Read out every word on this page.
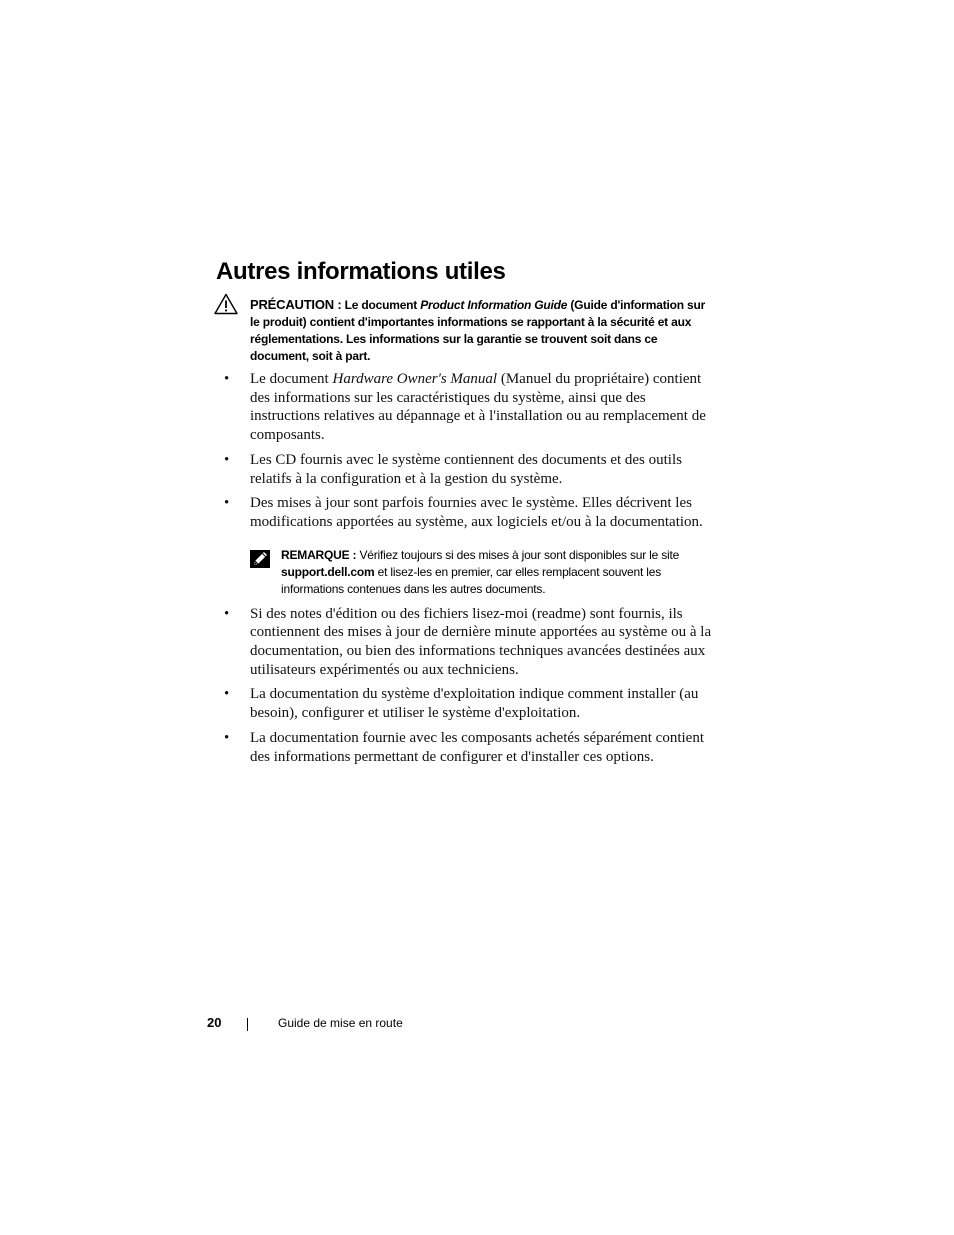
Autres informations utiles
PRÉCAUTION : Le document Product Information Guide (Guide d'information sur le produit) contient d'importantes informations se rapportant à la sécurité et aux réglementations. Les informations sur la garantie se trouvent soit dans ce document, soit à part.
• Le document Hardware Owner's Manual (Manuel du propriétaire) contient des informations sur les caractéristiques du système, ainsi que des instructions relatives au dépannage et à l'installation ou au remplacement de composants.
• Les CD fournis avec le système contiennent des documents et des outils relatifs à la configuration et à la gestion du système.
• Des mises à jour sont parfois fournies avec le système. Elles décrivent les modifications apportées au système, aux logiciels et/ou à la documentation.
REMARQUE : Vérifiez toujours si des mises à jour sont disponibles sur le site support.dell.com et lisez-les en premier, car elles remplacent souvent les informations contenues dans les autres documents.
• Si des notes d'édition ou des fichiers lisez-moi (readme) sont fournis, ils contiennent des mises à jour de dernière minute apportées au système ou à la documentation, ou bien des informations techniques avancées destinées aux utilisateurs expérimentés ou aux techniciens.
• La documentation du système d'exploitation indique comment installer (au besoin), configurer et utiliser le système d'exploitation.
• La documentation fournie avec les composants achetés séparément contient des informations permettant de configurer et d'installer ces options.
20	Guide de mise en route
